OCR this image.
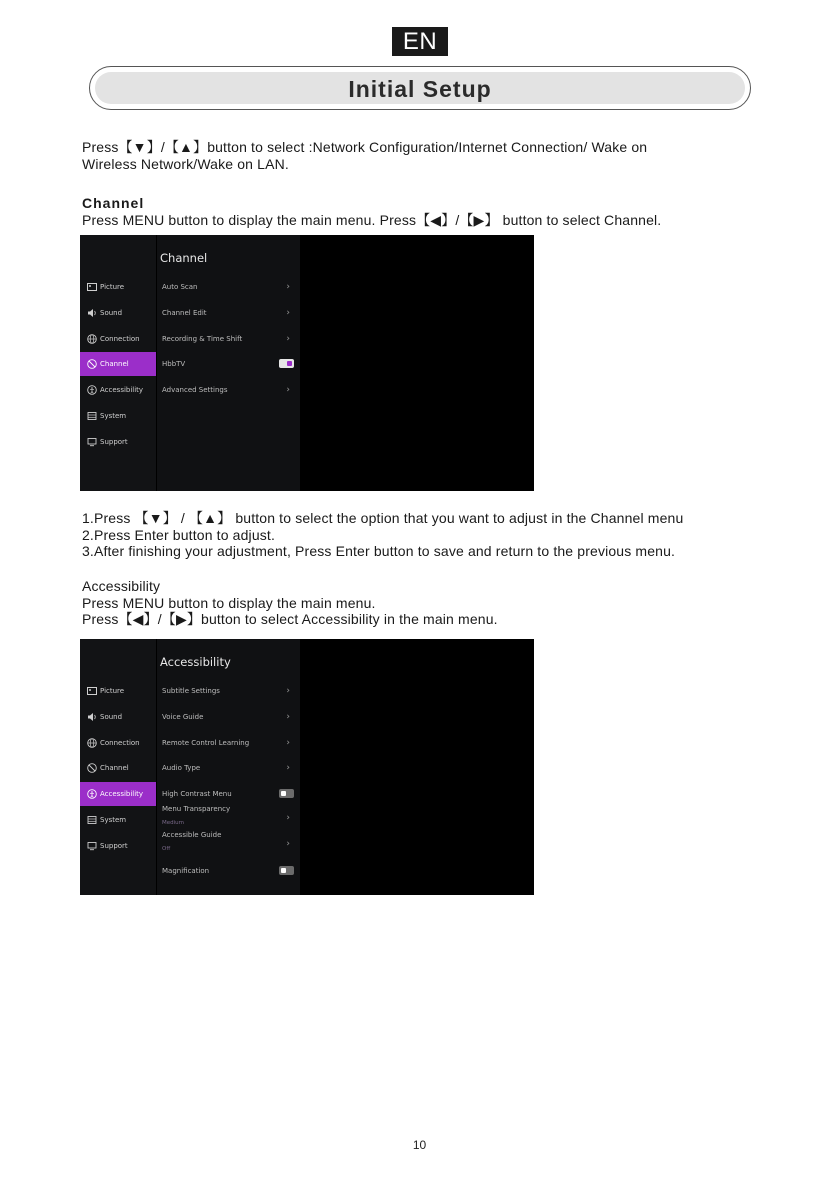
EN
Initial Setup

Press【▼】/【▲】button to select :Network Configuration/Internet Connection/ Wake on

Wireless Network/Wake on LAN.

Channel

Press MENU button to display the main menu. Press【◀】/【▶】 button to select Channel.

Channel
Picture
Sound
Connection
Channel
Accessibility
System
Support
Auto Scan	›
Channel Edit	›
Recording & Time Shift	›
HbbTV
Advanced Settings	›

1.Press 【▼】 / 【▲】 button to select the option that you want to adjust in the Channel menu

2.Press Enter button to adjust.

3.After finishing your adjustment, Press Enter button to save and return to the previous menu.

Accessibility

Press MENU button to display the main menu.

Press【◀】/【▶】button to select Accessibility in the main menu.

Accessibility
Picture
Sound
Connection
Channel
Accessibility
System
Support
Subtitle Settings	›
Voice Guide	›
Remote Control Learning	›
Audio Type	›
High Contrast Menu
Menu Transparency
Medium	›
Accessible Guide
Off	›
Magnification
10
